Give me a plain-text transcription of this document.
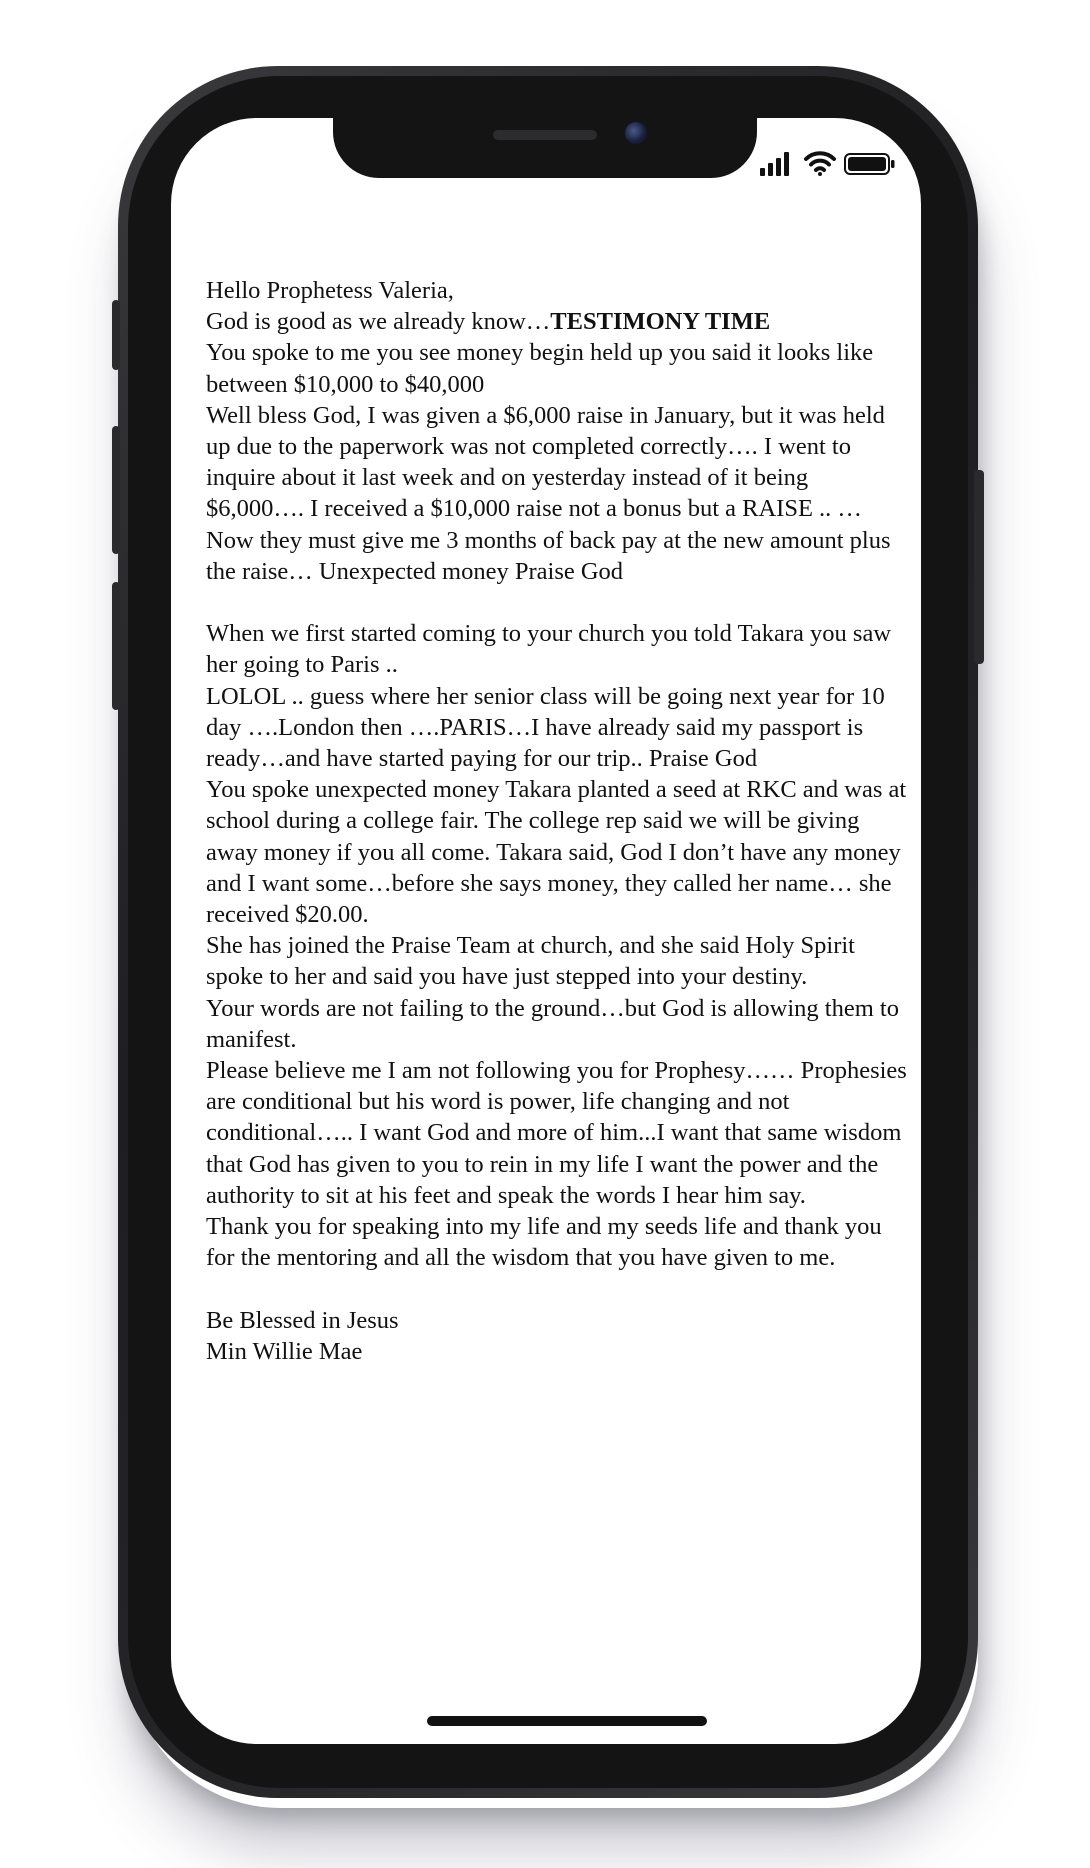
Hello Prophetess Valeria,

God is good as we already know…TESTIMONY TIME

You spoke to me you see money begin held up you said it looks like between $10,000 to $40,000

Well bless God, I was given a $6,000 raise in January, but it was held up due to the paperwork was not completed correctly…. I went to inquire about it last week and on yesterday instead of it being $6,000…. I received a $10,000 raise not a bonus but a RAISE .. …

Now they must give me 3 months of back pay at the new amount plus the raise… Unexpected money Praise God

When we first started coming to your church you told Takara you saw her going to Paris ..

LOLOL .. guess where her senior class will be going next year for 10 day ….London then ….PARIS…I have already said my passport is ready…and have started paying for our trip.. Praise God

You spoke unexpected money Takara planted a seed at RKC and was at school during a college fair. The college rep said we will be giving away money if you all come. Takara said, God I don’t have any money and I want some…before she says money, they called her name… she received $20.00.

She has joined the Praise Team at church, and she said Holy Spirit spoke to her and said you have just stepped into your destiny.

Your words are not failing to the ground…but God is allowing them to manifest.

Please believe me I am not following you for Prophesy…… Prophesies are conditional but his word is power, life changing and not conditional….. I want God and more of him...I want that same wisdom that God has given to you to rein in my life I want the power and the authority to sit at his feet and speak the words I hear him say.

Thank you for speaking into my life and my seeds life and thank you for the mentoring and all the wisdom that you have given to me.

Be Blessed in Jesus

Min Willie Mae
